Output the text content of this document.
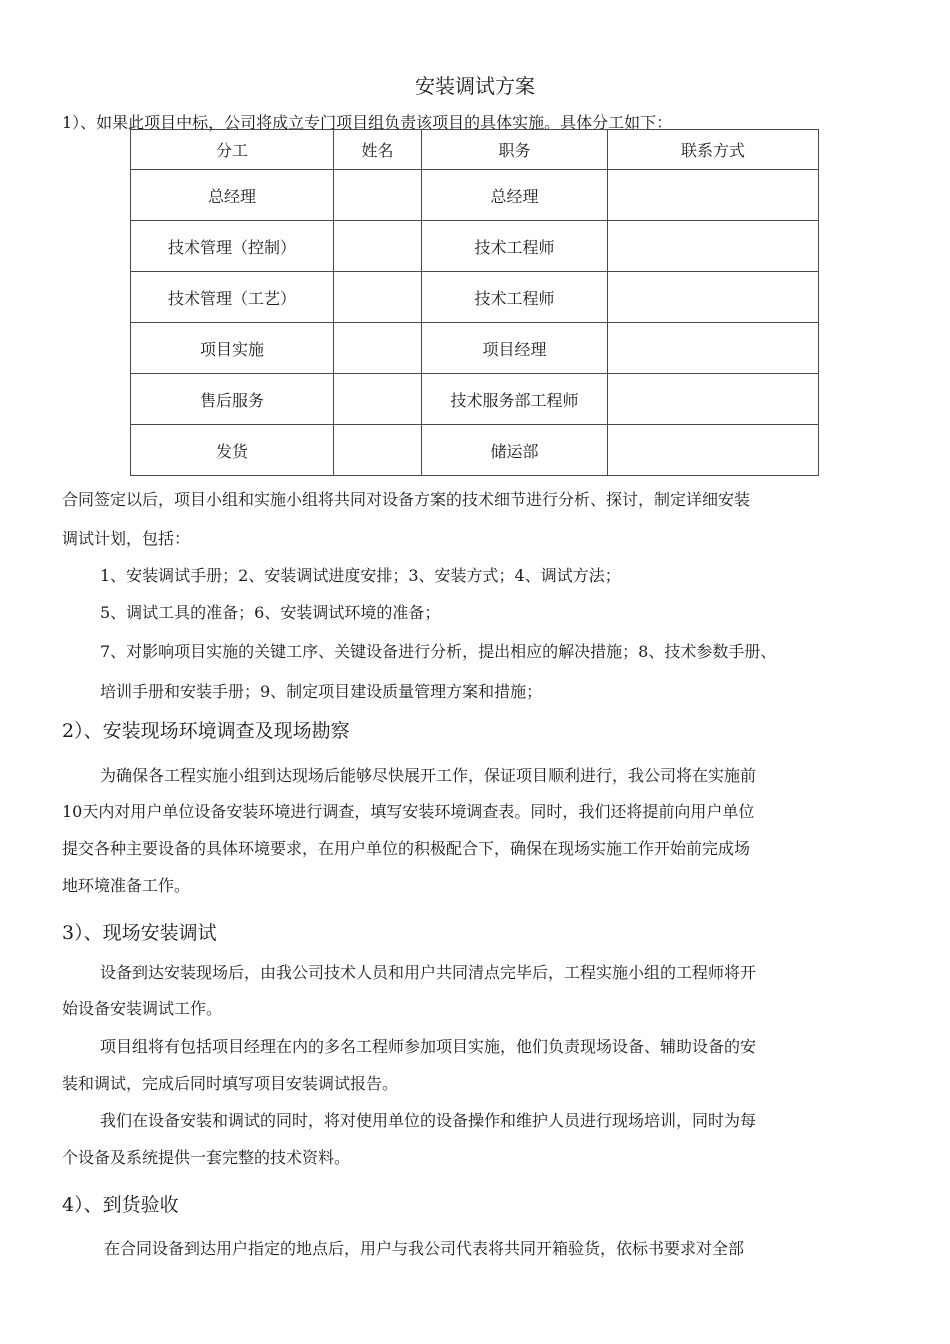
安装调试方案
1）、如果此项目中标，公司将成立专门项目组负责该项目的具体实施。具体分工如下：
分工	姓名	职务	联系方式
总经理		总经理	
技术管理（控制）		技术工程师	
技术管理（工艺）		技术工程师	
项目实施		项目经理	
售后服务		技术服务部工程师	
发货		储运部	
合同签定以后，项目小组和实施小组将共同对设备方案的技术细节进行分析、探讨，制定详细安装
调试计划，包括：
1、安装调试手册；2、安装调试进度安排；3、安装方式；4、调试方法；
5、调试工具的准备；6、安装调试环境的准备；
7、对影响项目实施的关键工序、关键设备进行分析，提出相应的解决措施；8、技术参数手册、
培训手册和安装手册；9、制定项目建设质量管理方案和措施；
2）、安装现场环境调查及现场勘察
为确保各工程实施小组到达现场后能够尽快展开工作，保证项目顺利进行，我公司将在实施前
10天内对用户单位设备安装环境进行调查，填写安装环境调查表。同时，我们还将提前向用户单位
提交各种主要设备的具体环境要求，在用户单位的积极配合下，确保在现场实施工作开始前完成场
地环境准备工作。
3）、现场安装调试
设备到达安装现场后，由我公司技术人员和用户共同清点完毕后，工程实施小组的工程师将开
始设备安装调试工作。
项目组将有包括项目经理在内的多名工程师参加项目实施，他们负责现场设备、辅助设备的安
装和调试，完成后同时填写项目安装调试报告。
我们在设备安装和调试的同时，将对使用单位的设备操作和维护人员进行现场培训，同时为每
个设备及系统提供一套完整的技术资料。
4）、到货验收
在合同设备到达用户指定的地点后，用户与我公司代表将共同开箱验货，依标书要求对全部
